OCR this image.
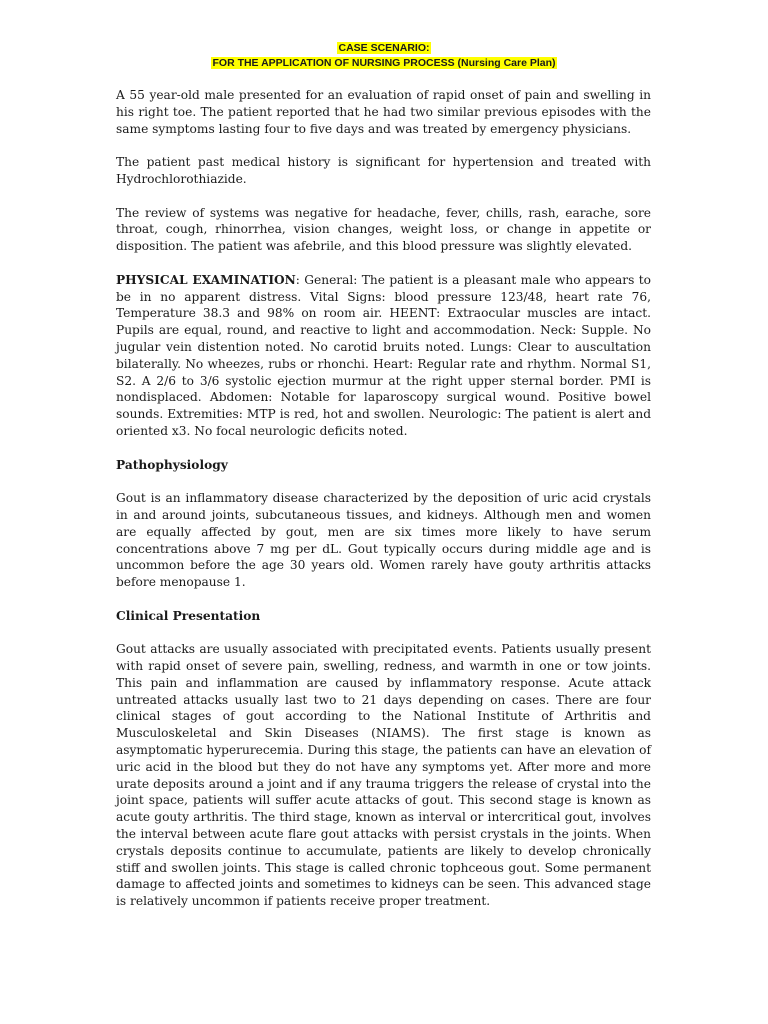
CASE SCENARIO:
FOR THE APPLICATION OF NURSING PROCESS (Nursing Care Plan)

A 55 year-old male presented for an evaluation of rapid onset of pain and swelling in his right toe. The patient reported that he had two similar previous episodes with the same symptoms lasting four to five days and was treated by emergency physicians.

The patient past medical history is significant for hypertension and treated with Hydrochlorothiazide.

The review of systems was negative for headache, fever, chills, rash, earache, sore throat, cough, rhinorrhea, vision changes, weight loss, or change in appetite or disposition. The patient was afebrile, and this blood pressure was slightly elevated.

PHYSICAL EXAMINATION: General: The patient is a pleasant male who appears to be in no apparent distress. Vital Signs: blood pressure 123/48, heart rate 76, Temperature 38.3 and 98% on room air. HEENT: Extraocular muscles are intact. Pupils are equal, round, and reactive to light and accommodation. Neck: Supple. No jugular vein distention noted. No carotid bruits noted. Lungs: Clear to auscultation bilaterally. No wheezes, rubs or rhonchi. Heart: Regular rate and rhythm. Normal S1, S2. A 2/6 to 3/6 systolic ejection murmur at the right upper sternal border. PMI is nondisplaced. Abdomen: Notable for laparoscopy surgical wound. Positive bowel sounds. Extremities: MTP is red, hot and swollen. Neurologic: The patient is alert and oriented x3. No focal neurologic deficits noted.

Pathophysiology

Gout is an inflammatory disease characterized by the deposition of uric acid crystals in and around joints, subcutaneous tissues, and kidneys. Although men and women are equally affected by gout, men are six times more likely to have serum concentrations above 7 mg per dL. Gout typically occurs during middle age and is uncommon before the age 30 years old. Women rarely have gouty arthritis attacks before menopause 1.

Clinical Presentation

Gout attacks are usually associated with precipitated events. Patients usually present with rapid onset of severe pain, swelling, redness, and warmth in one or tow joints. This pain and inflammation are caused by inflammatory response. Acute attack untreated attacks usually last two to 21 days depending on cases. There are four clinical stages of gout according to the National Institute of Arthritis and Musculoskeletal and Skin Diseases (NIAMS). The first stage is known as asymptomatic hyperurecemia. During this stage, the patients can have an elevation of uric acid in the blood but they do not have any symptoms yet. After more and more urate deposits around a joint and if any trauma triggers the release of crystal into the joint space, patients will suffer acute attacks of gout. This second stage is known as acute gouty arthritis. The third stage, known as interval or intercritical gout, involves the interval between acute flare gout attacks with persist crystals in the joints. When crystals deposits continue to accumulate, patients are likely to develop chronically stiff and swollen joints. This stage is called chronic tophceous gout. Some permanent damage to affected joints and sometimes to kidneys can be seen. This advanced stage is relatively uncommon if patients receive proper treatment.
